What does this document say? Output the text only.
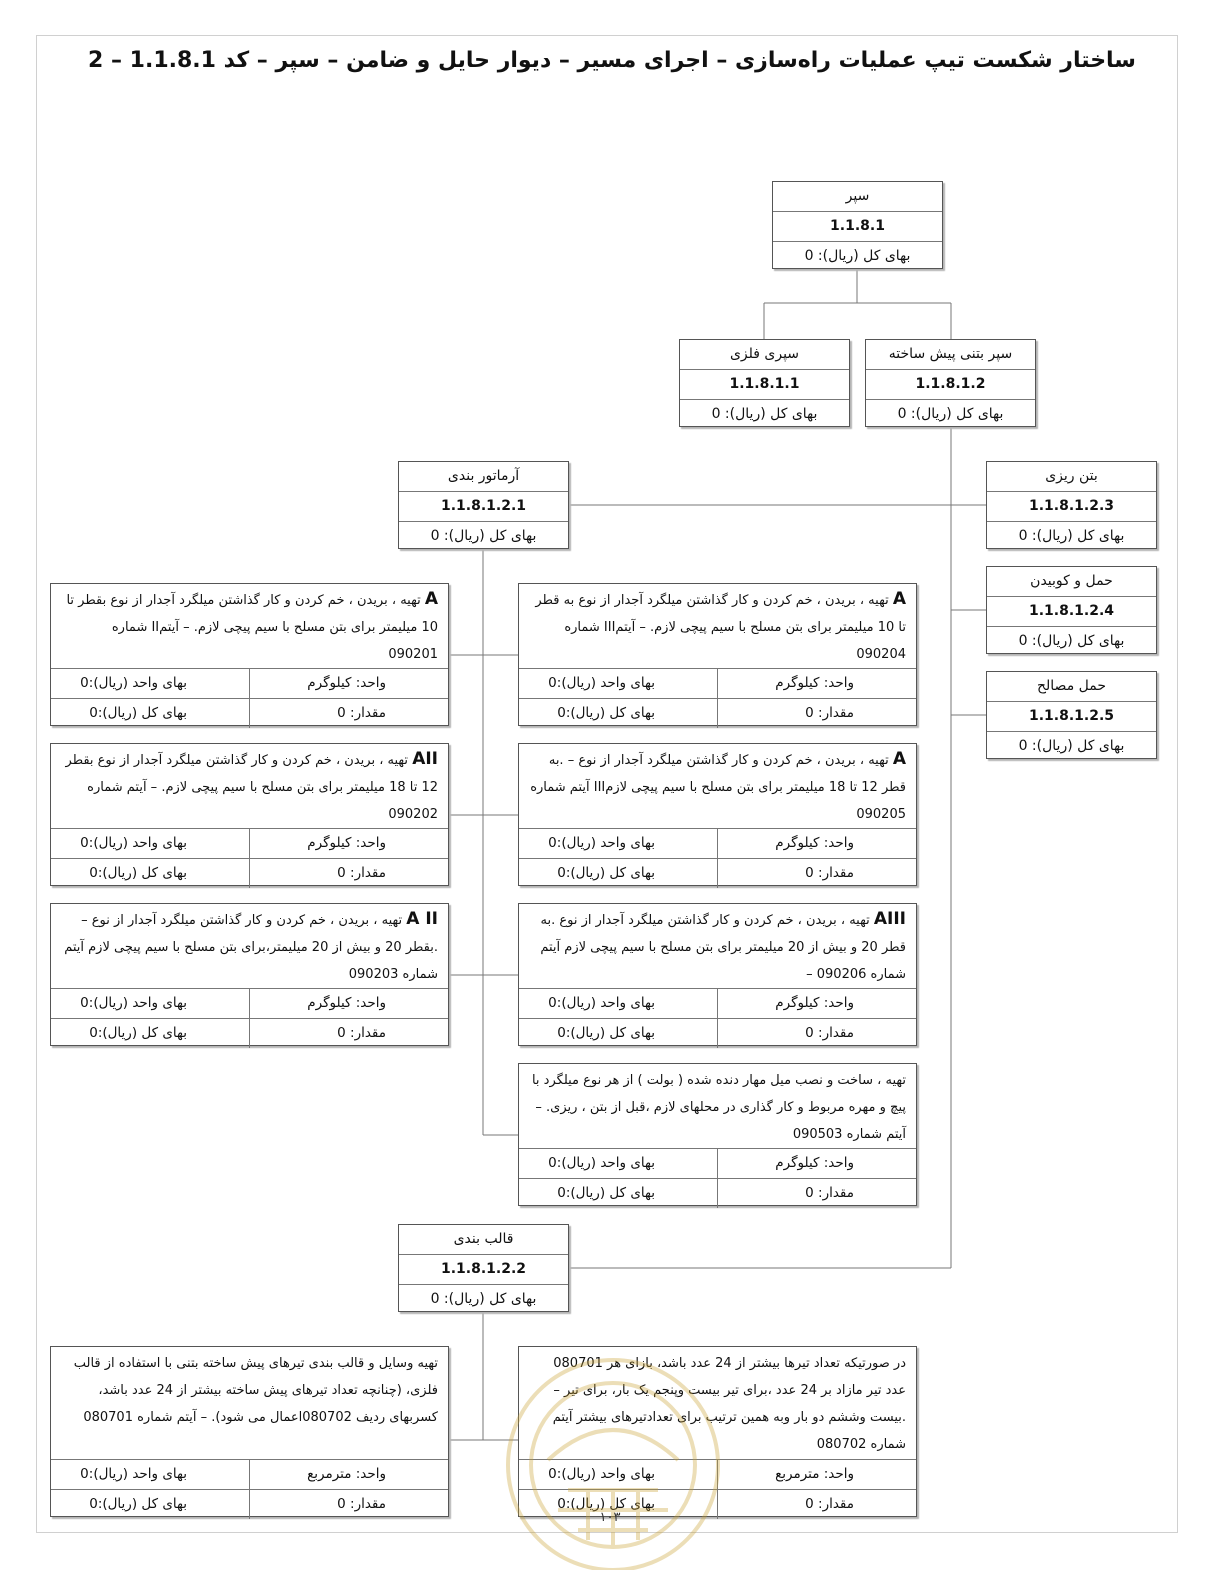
ساختار شکست تیپ عملیات راه‌سازی – اجرای مسیر – دیوار حایل و ضامن – سپر – کد 1.1.8.1 – 2
سپر
1.1.8.1
بهای کل (ریال): 0
سپری فلزی
1.1.8.1.1
بهای کل (ریال): 0
سپر بتنی پیش ساخته
1.1.8.1.2
بهای کل (ریال): 0
آرماتور بندی
1.1.8.1.2.1
بهای کل (ریال): 0
قالب بندی
1.1.8.1.2.2
بهای کل (ریال): 0
بتن ریزی
1.1.8.1.2.3
بهای کل (ریال): 0
حمل و کوبیدن
1.1.8.1.2.4
بهای کل (ریال): 0
حمل مصالح
1.1.8.1.2.5
بهای کل (ریال): 0
A تهیه ، بریدن ، خم کردن و کار گذاشتن میلگرد آجدار از نوع بقطر تا 10 میلیمتر برای بتن مسلح با سیم پیچی لازم. – آیتمII شماره 090201
واحد: کیلوگرم
بهای واحد (ریال):0
مقدار: 0
بهای کل (ریال):0
AII تهیه ، بریدن ، خم کردن و کار گذاشتن میلگرد آجدار از نوع بقطر 12 تا 18 میلیمتر برای بتن مسلح با سیم پیچی لازم. – آیتم شماره 090202
واحد: کیلوگرم
بهای واحد (ریال):0
مقدار: 0
بهای کل (ریال):0
A II تهیه ، بریدن ، خم کردن و کار گذاشتن میلگرد آجدار از نوع – .بقطر 20 و بیش از 20 میلیمتر،برای بتن مسلح با سیم پیچی لازم آیتم شماره 090203
واحد: کیلوگرم
بهای واحد (ریال):0
مقدار: 0
بهای کل (ریال):0
A تهیه ، بریدن ، خم کردن و کار گذاشتن میلگرد آجدار از نوع به قطر تا 10 میلیمتر برای بتن مسلح با سیم پیچی لازم. – آیتمIII شماره 090204
واحد: کیلوگرم
بهای واحد (ریال):0
مقدار: 0
بهای کل (ریال):0
A تهیه ، بریدن ، خم کردن و کار گذاشتن میلگرد آجدار از نوع – .به قطر 12 تا 18 میلیمتر برای بتن مسلح با سیم پیچی لازمIII آیتم شماره 090205
واحد: کیلوگرم
بهای واحد (ریال):0
مقدار: 0
بهای کل (ریال):0
AIII تهیه ، بریدن ، خم کردن و کار گذاشتن میلگرد آجدار از نوع .به قطر 20 و بیش از 20 میلیمتر برای بتن مسلح با سیم پیچی لازم آیتم شماره 090206 –
واحد: کیلوگرم
بهای واحد (ریال):0
مقدار: 0
بهای کل (ریال):0
تهیه ، ساخت و نصب میل مهار دنده شده ( بولت ) از هر نوع میلگرد با پیچ و مهره مربوط و کار گذاری در محلهای لازم ،قبل از بتن ، ریزی. – آیتم شماره 090503
واحد: کیلوگرم
بهای واحد (ریال):0
مقدار: 0
بهای کل (ریال):0
تهیه وسایل و قالب بندی تیرهای پیش ساخته بتنی با استفاده از قالب فلزی، (چنانچه تعداد تیرهای پیش ساخته بیشتر از 24 عدد باشد، کسربهای ردیف 080702اعمال می شود). – آیتم شماره 080701
واحد: مترمربع
بهای واحد (ریال):0
مقدار: 0
بهای کل (ریال):0
در صورتیکه تعداد تیرها بیشتر از 24 عدد باشد، بازای هر 080701 عدد تیر مازاد بر 24 عدد ،برای تیر بیست وپنجم یک بار، برای تیر – .بیست وششم دو بار وبه همین ترتیب برای تعدادتیرهای بیشتر آیتم شماره 080702
واحد: مترمربع
بهای واحد (ریال):0
مقدار: 0
بهای کل (ریال):0
۱۰۳
